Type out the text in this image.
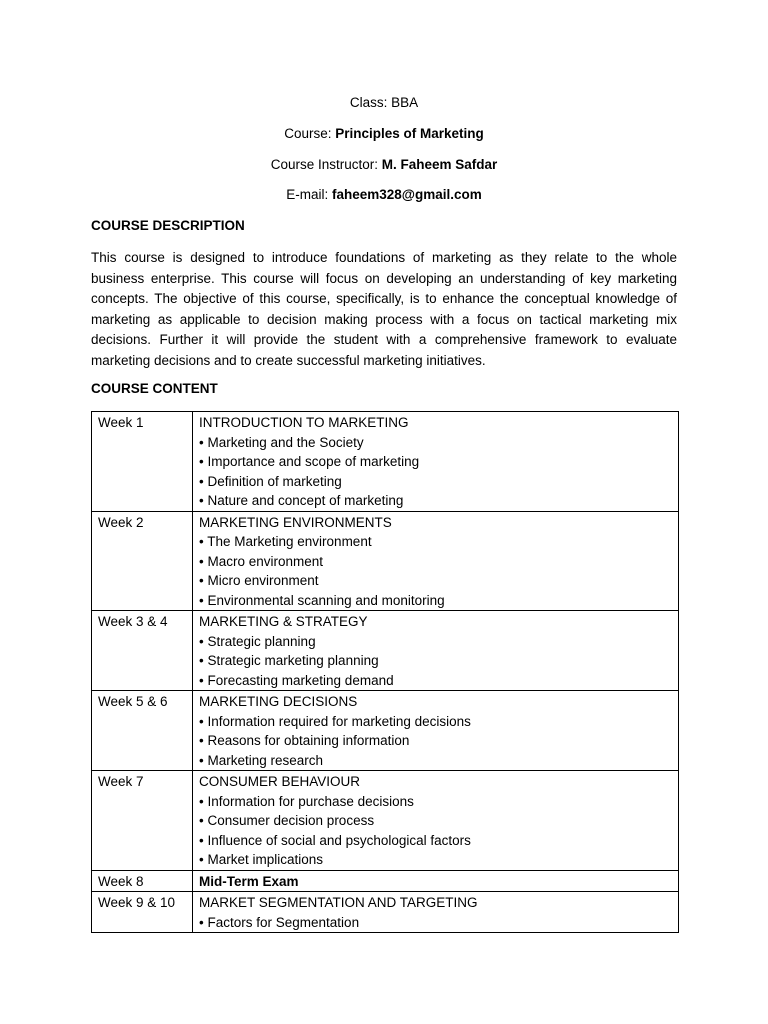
Class: BBA
Course: Principles of Marketing
Course Instructor: M. Faheem Safdar
E-mail: faheem328@gmail.com
COURSE DESCRIPTION

This course is designed to introduce foundations of marketing as they relate to the whole business enterprise. This course will focus on developing an understanding of key marketing concepts. The objective of this course, specifically, is to enhance the conceptual knowledge of marketing as applicable to decision making process with a focus on tactical marketing mix decisions. Further it will provide the student with a comprehensive framework to evaluate marketing decisions and to create successful marketing initiatives.

COURSE CONTENT
Week 1	INTRODUCTION TO MARKETING
• Marketing and the Society
• Importance and scope of marketing
• Definition of marketing
• Nature and concept of marketing

Week 2	MARKETING ENVIRONMENTS
• The Marketing environment
• Macro environment
• Micro environment
• Environmental scanning and monitoring

Week 3 & 4	MARKETING & STRATEGY
• Strategic planning
• Strategic marketing planning
• Forecasting marketing demand

Week 5 & 6	MARKETING DECISIONS
• Information required for marketing decisions
• Reasons for obtaining information
• Marketing research

Week 7	CONSUMER BEHAVIOUR
• Information for purchase decisions
• Consumer decision process
• Influence of social and psychological factors
• Market implications

Week 8	Mid-Term Exam

Week 9 & 10	MARKET SEGMENTATION AND TARGETING
• Factors for Segmentation
